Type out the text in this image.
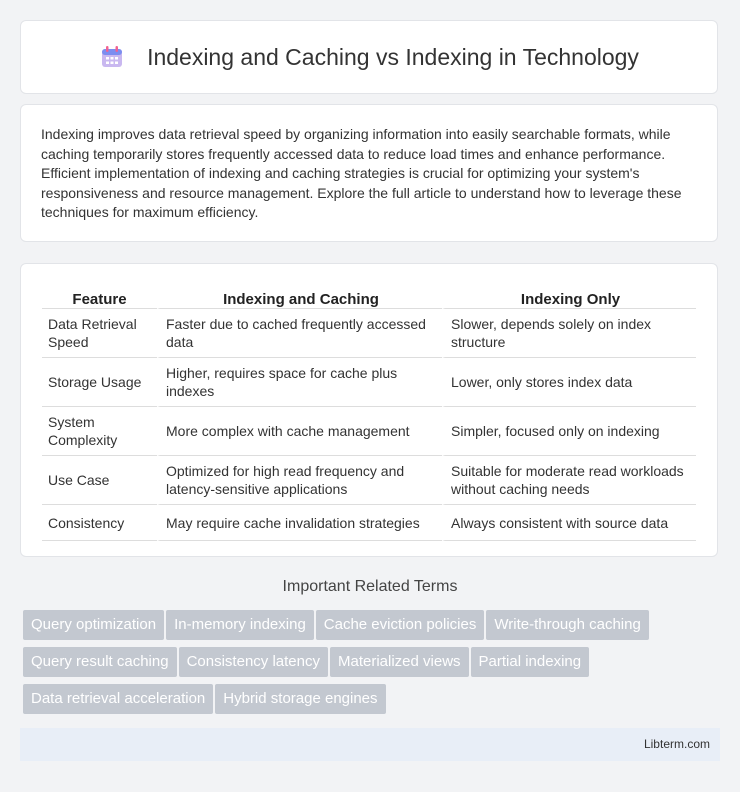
Indexing and Caching vs Indexing in Technology

Indexing improves data retrieval speed by organizing information into easily searchable formats, while caching temporarily stores frequently accessed data to reduce load times and enhance performance. Efficient implementation of indexing and caching strategies is crucial for optimizing your system's responsiveness and resource management. Explore the full article to understand how to leverage these techniques for maximum efficiency.

Feature	Indexing and Caching	Indexing Only
Data Retrieval Speed	Faster due to cached frequently accessed data	Slower, depends solely on index structure
Storage Usage	Higher, requires space for cache plus indexes	Lower, only stores index data
System Complexity	More complex with cache management	Simpler, focused only on indexing
Use Case	Optimized for high read frequency and latency-sensitive applications	Suitable for moderate read workloads without caching needs
Consistency	May require cache invalidation strategies	Always consistent with source data
Important Related Terms
Query optimization In-memory indexing Cache eviction policies Write-through caching
Query result caching Consistency latency Materialized views Partial indexing
Data retrieval acceleration Hybrid storage engines
Libterm.com
